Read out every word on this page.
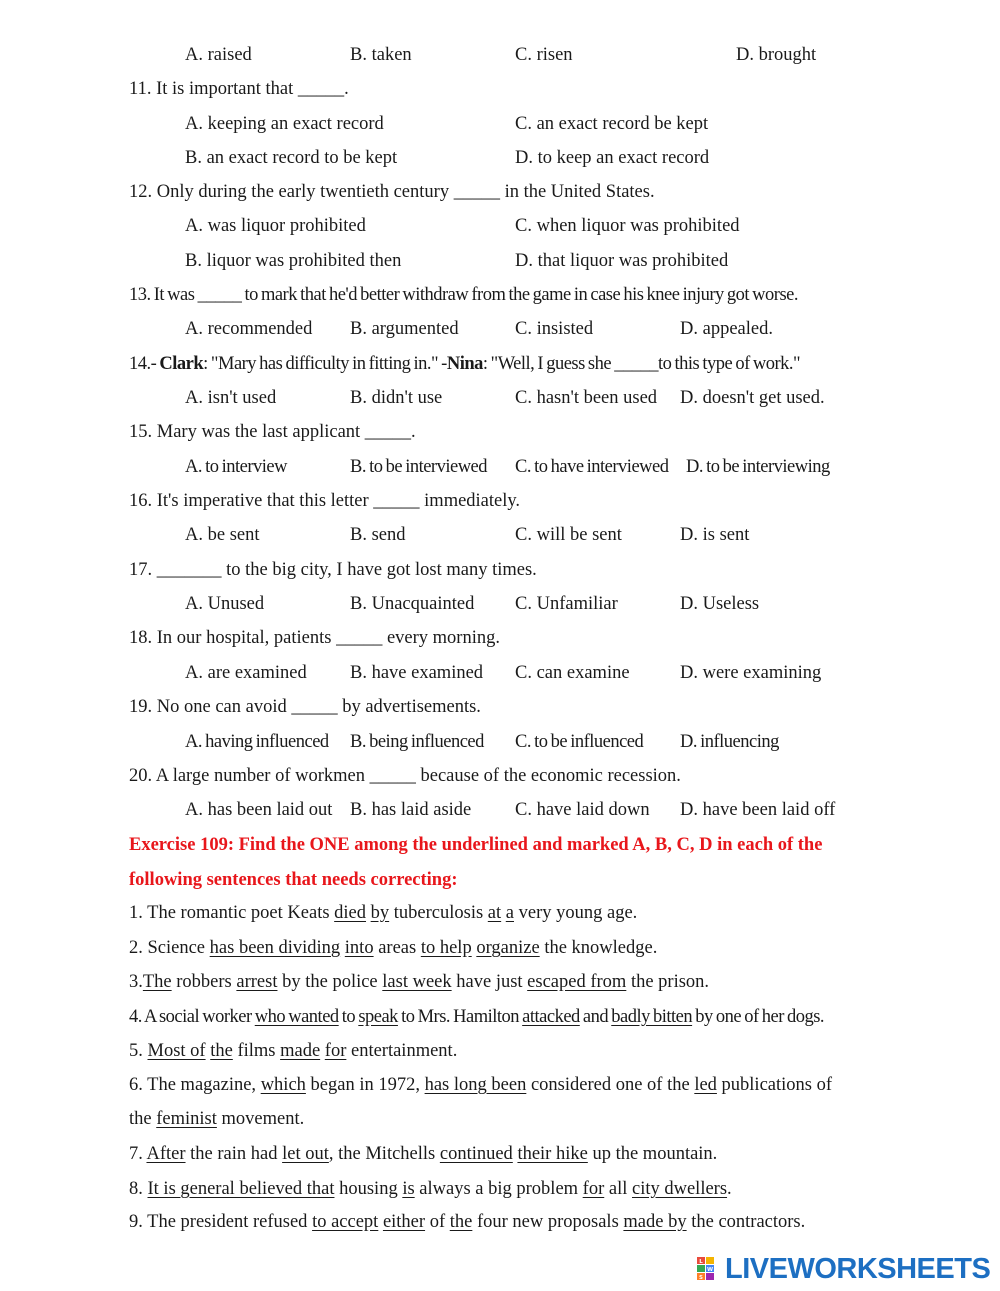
A. raised	B. taken	C. risen	D. brought
11. It is important that _____.
A. keeping an exact record	C. an exact record be kept
B. an exact record to be kept	D. to keep an exact record
12. Only during the early twentieth century _____ in the United States.
A. was liquor prohibited	C. when liquor was prohibited
B. liquor was prohibited then	D. that liquor was prohibited
13. It was _____ to mark that he'd better withdraw from the game in case his knee injury got worse.
A. recommended B. argumented	C. insisted	D. appealed.
14.- Clark: "Mary has difficulty in fitting in." -Nina: "Well, I guess she _____to this type of work."
A. isn't used	B. didn't use	C. hasn't been used D. doesn't get used.
15. Mary was the last applicant _____.
A. to interview	B. to be interviewed C. to have interviewed D. to be interviewing
16. It's imperative that this letter _____ immediately.
A. be sent	B. send	C. will be sent	D. is sent
17. _______ to the big city, I have got lost many times.
A. Unused	B. Unacquainted C. Unfamiliar	D. Useless
18. In our hospital, patients _____ every morning.
A. are examined B. have examined C. can examine	D. were examining
19. No one can avoid _____ by advertisements.
A. having influenced B. being influenced C. to be influenced D. influencing
20. A large number of workmen _____ because of the economic recession.
A. has been laid out B. has laid aside C. have laid down D. have been laid off
Exercise 109: Find the ONE among the underlined and marked A, B, C, D in each of the
following sentences that needs correcting:
1. The romantic poet Keats died by tuberculosis at a very young age.
2. Science has been dividing into areas to help organize the knowledge.
3.The robbers arrest by the police last week have just escaped from the prison.
4. A social worker who wanted to speak to Mrs. Hamilton attacked and badly bitten by one of her dogs.
5. Most of the films made for entertainment.
6. The magazine, which began in 1972, has long been considered one of the led publications of
the feminist movement.
7. After the rain had let out, the Mitchells continued their hike up the mountain.
8. It is general believed that housing is always a big problem for all city dwellers.
9. The president refused to accept either of the four new proposals made by the contractors.
L
W
S LIVEWORKSHEETS
